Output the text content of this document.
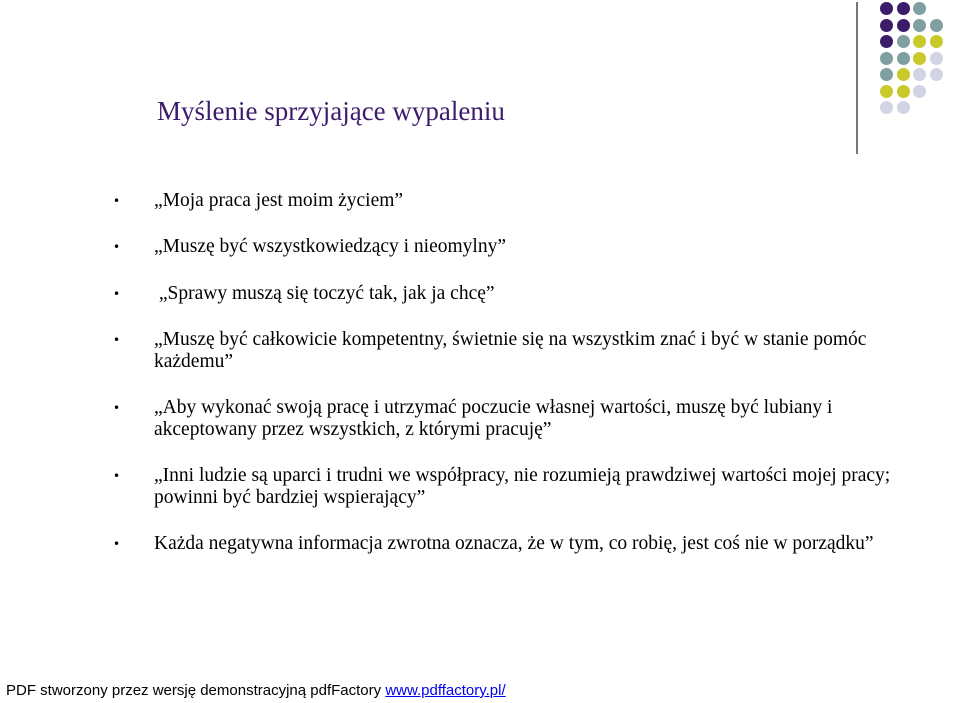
Myślenie sprzyjające wypaleniu
• „Moja praca jest moim życiem”
• „Muszę być wszystkowiedzący i nieomylny”
• „Sprawy muszą się toczyć tak, jak ja chcę”
• „Muszę być całkowicie kompetentny, świetnie się na wszystkim znać i być w stanie pomóc każdemu”
• „Aby wykonać swoją pracę i utrzymać poczucie własnej wartości, muszę być lubiany i akceptowany przez wszystkich, z którymi pracuję”
• „Inni ludzie są uparci i trudni we współpracy, nie rozumieją prawdziwej wartości mojej pracy; powinni być bardziej wspierający”
• Każda negatywna informacja zwrotna oznacza, że w tym, co robię, jest coś nie w porządku”
PDF stworzony przez wersję demonstracyjną pdfFactory www.pdffactory.pl/
